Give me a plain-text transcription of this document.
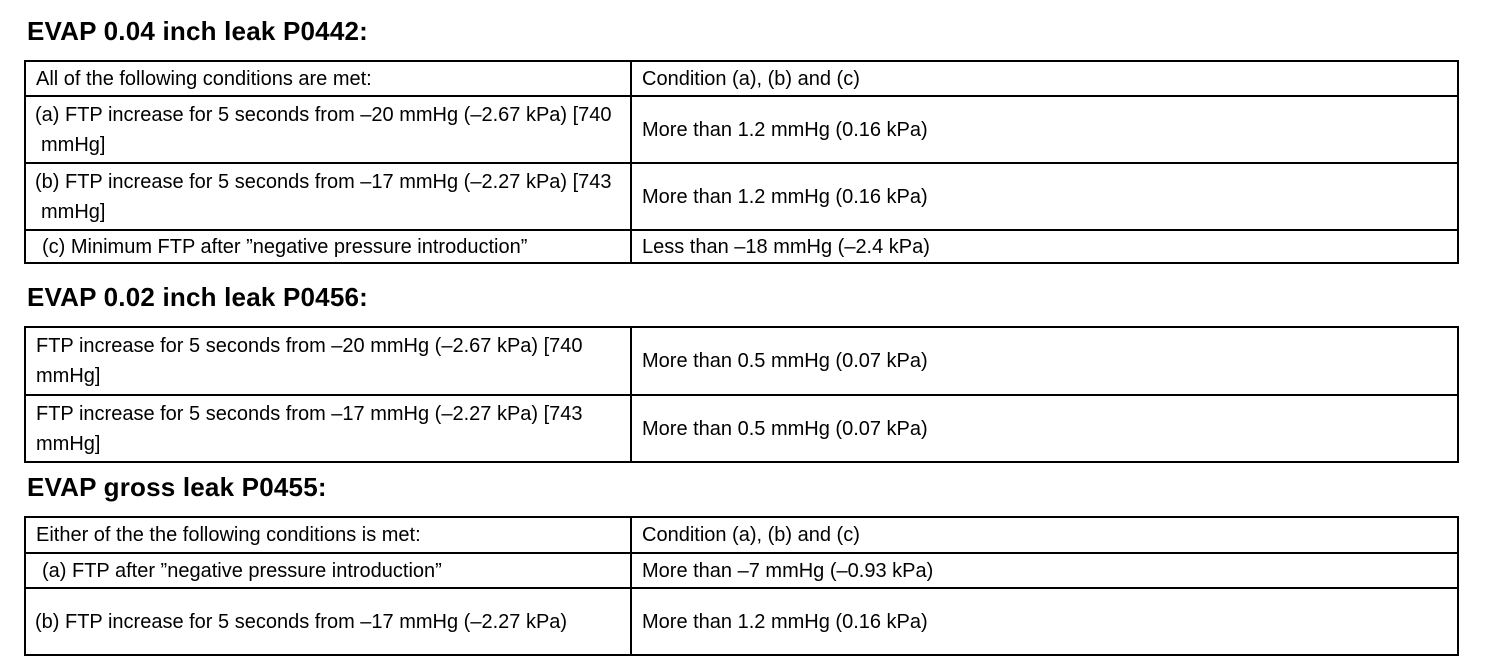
EVAP 0.04 inch leak P0442:
All of the following conditions are met:	Condition (a), (b) and (c)
(a) FTP increase for 5 seconds from –20 mmHg (–2.67 kPa) [740 mmHg]	More than 1.2 mmHg (0.16 kPa)
(b) FTP increase for 5 seconds from –17 mmHg (–2.27 kPa) [743 mmHg]	More than 1.2 mmHg (0.16 kPa)
(c) Minimum FTP after ”negative pressure introduction”	Less than –18 mmHg (–2.4 kPa)
EVAP 0.02 inch leak P0456:
FTP increase for 5 seconds from –20 mmHg (–2.67 kPa) [740 mmHg]	More than 0.5 mmHg (0.07 kPa)
FTP increase for 5 seconds from –17 mmHg (–2.27 kPa) [743 mmHg]	More than 0.5 mmHg (0.07 kPa)
EVAP gross leak P0455:
Either of the the following conditions is met:	Condition (a), (b) and (c)
(a) FTP after ”negative pressure introduction”	More than –7 mmHg (–0.93 kPa)
(b) FTP increase for 5 seconds from –17 mmHg (–2.27 kPa)	More than 1.2 mmHg (0.16 kPa)
